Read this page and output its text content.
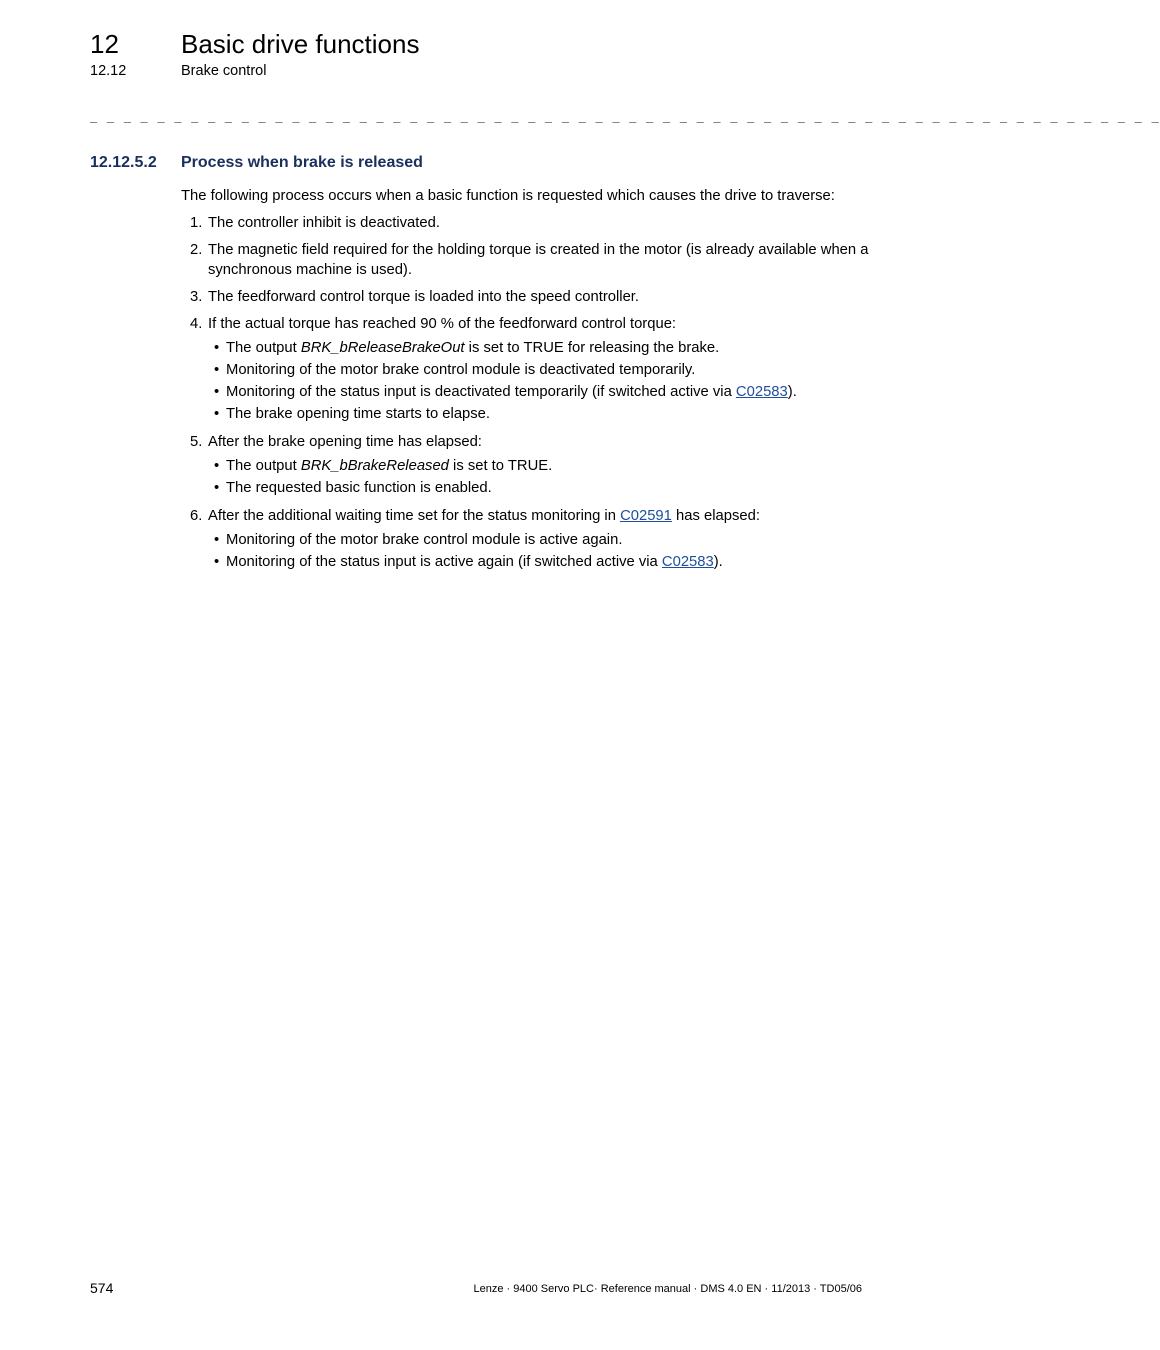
12 Basic drive functions
12.12	Brake control
_ _ _ _ _ _ _ _ _ _ _ _ _ _ _ _ _ _ _ _ _ _ _ _ _ _ _ _ _ _ _ _ _ _ _ _ _ _ _ _ _ _ _ _ _ _ _ _ _ _ _ _ _ _ _ _ _ _ _ _ _ _ _ _
12.12.5.2 Process when brake is released

The following process occurs when a basic function is requested which causes the drive to traverse:

1. The controller inhibit is deactivated.
2. The magnetic field required for the holding torque is created in the motor (is already available when a synchronous machine is used).
3. The feedforward control torque is loaded into the speed controller.
4. If the actual torque has reached 90 % of the feedforward control torque:
• The output BRK_bReleaseBrakeOut is set to TRUE for releasing the brake.
• Monitoring of the motor brake control module is deactivated temporarily.
• Monitoring of the status input is deactivated temporarily (if switched active via C02583).
• The brake opening time starts to elapse.
5. After the brake opening time has elapsed:
• The output BRK_bBrakeReleased is set to TRUE.
• The requested basic function is enabled.
6. After the additional waiting time set for the status monitoring in C02591 has elapsed:
• Monitoring of the motor brake control module is active again.
• Monitoring of the status input is active again (if switched active via C02583).
574	Lenze · 9400 Servo PLC· Reference manual · DMS 4.0 EN · 11/2013 · TD05/06
